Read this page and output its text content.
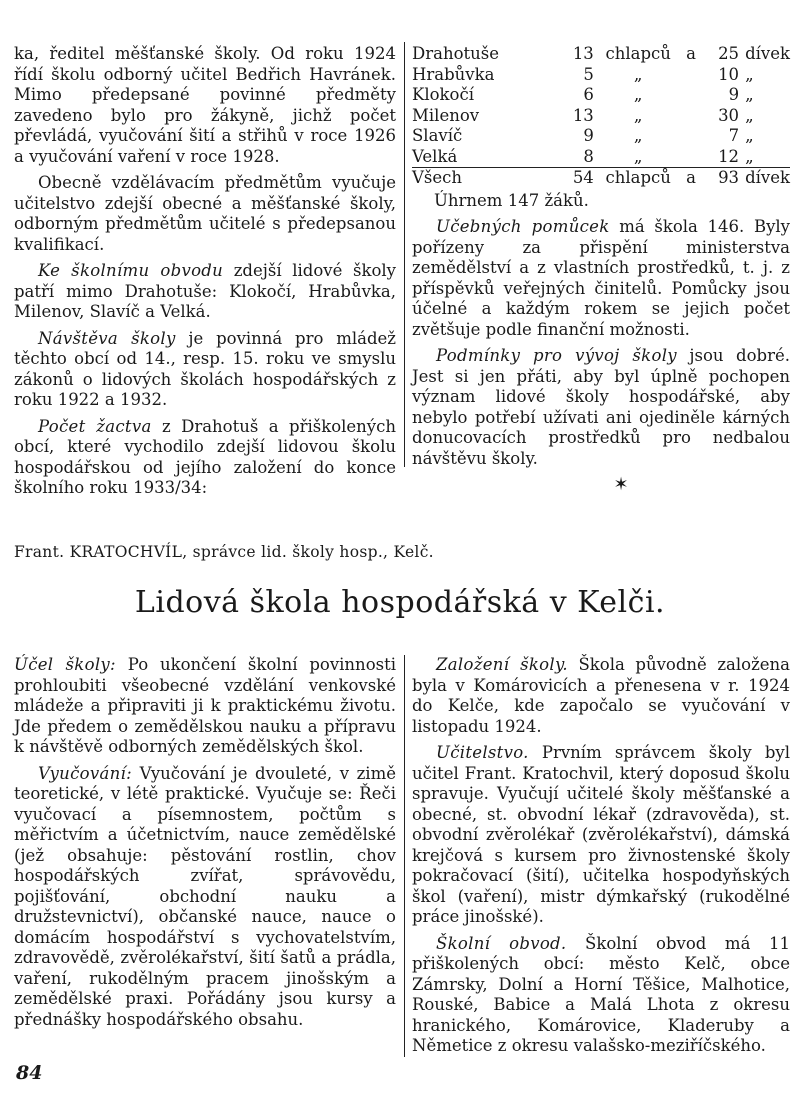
ka, ředitel měšťanské školy. Od roku 1924 řídí školu odborný učitel Bedřich Havránek. Mimo předepsané povinné předměty zavedeno bylo pro žákyně, jichž počet převládá, vyučování šití a střihů v roce 1926 a vyučování vaření v roce 1928.

Obecně vzdělávacím předmětům vyučuje učitelstvo zdejší obecné a měšťanské školy, odborným předmětům učitelé s předepsanou kvalifikací.

Ke školnímu obvodu zdejší lidové školy patří mimo Drahotuše: Klokočí, Hrabůvka, Milenov, Slavíč a Velká.

Návštěva školy je povinná pro mládež těchto obcí od 14., resp. 15. roku ve smyslu zákonů o lidových školách hospodářských z roku 1922 a 1932.

Počet žactva z Drahotuš a přiškolených obcí, které vychodilo zdejší lidovou školu hospodářskou od jejího založení do konce školního roku 1933/34:

Drahotuše	13	chlapců	a	25	dívek
Hrabůvka	5	„		10	„
Klokočí	6	„		9	„
Milenov	13	„		30	„
Slavíč	9	„		7	„
Velká	8	„		12	„
Všech	54	chlapců	a	93	dívek
Úhrnem 147 žáků.

Učebných pomůcek má škola 146. Byly pořízeny za přispění ministerstva zemědělství a z vlastních prostředků, t. j. z příspěvků veřejných činitelů. Pomůcky jsou účelné a každým rokem se jejich počet zvětšuje podle finanční možnosti.

Podmínky pro vývoj školy jsou dobré. Jest si jen přáti, aby byl úplně pochopen význam lidové školy hospodářské, aby nebylo potřebí užívati ani ojediněle kárných donucovacích prostředků pro nedbalou návštěvu školy.

✶
Frant. KRATOCHVÍL, správce lid. školy hosp., Kelč.
Lidová škola hospodářská v Kelči.

Účel školy: Po ukončení školní povinnosti prohloubiti všeobecné vzdělání venkovské mládeže a připraviti ji k praktickému životu. Jde předem o zemědělskou nauku a přípravu k návštěvě odborných zemědělských škol.

Vyučování: Vyučování je dvouleté, v zimě teoretické, v létě praktické. Vyučuje se: Řeči vyučovací a písemnostem, počtům s měřictvím a účetnictvím, nauce zemědělské (jež obsahuje: pěstování rostlin, chov hospodářských zvířat, správovědu, pojišťování, obchodní nauku a družstevnictví), občanské nauce, nauce o domácím hospodářství s vychovatelstvím, zdravovědě, zvěrolékařství, šití šatů a prádla, vaření, rukodělným pracem jinošským a zemědělské praxi. Pořádány jsou kursy a přednášky hospodářského obsahu.

Založení školy. Škola původně založena byla v Komárovicích a přenesena v r. 1924 do Kelče, kde započalo se vyučování v listopadu 1924.

Učitelstvo. Prvním správcem školy byl učitel Frant. Kratochvil, který doposud školu spravuje. Vyučují učitelé školy měšťanské a obecné, st. obvodní lékař (zdravověda), st. obvodní zvěrolékař (zvěrolékařství), dámská krejčová s kursem pro živnostenské školy pokračovací (šití), učitelka hospodyňských škol (vaření), mistr dýmkařský (rukodělné práce jinošské).

Školní obvod. Školní obvod má 11 přiškolených obcí: město Kelč, obce Zámrsky, Dolní a Horní Těšice, Malhotice, Rouské, Babice a Malá Lhota z okresu hranického, Komárovice, Kladeruby a Němetice z okresu valašsko-meziříčského.

84
